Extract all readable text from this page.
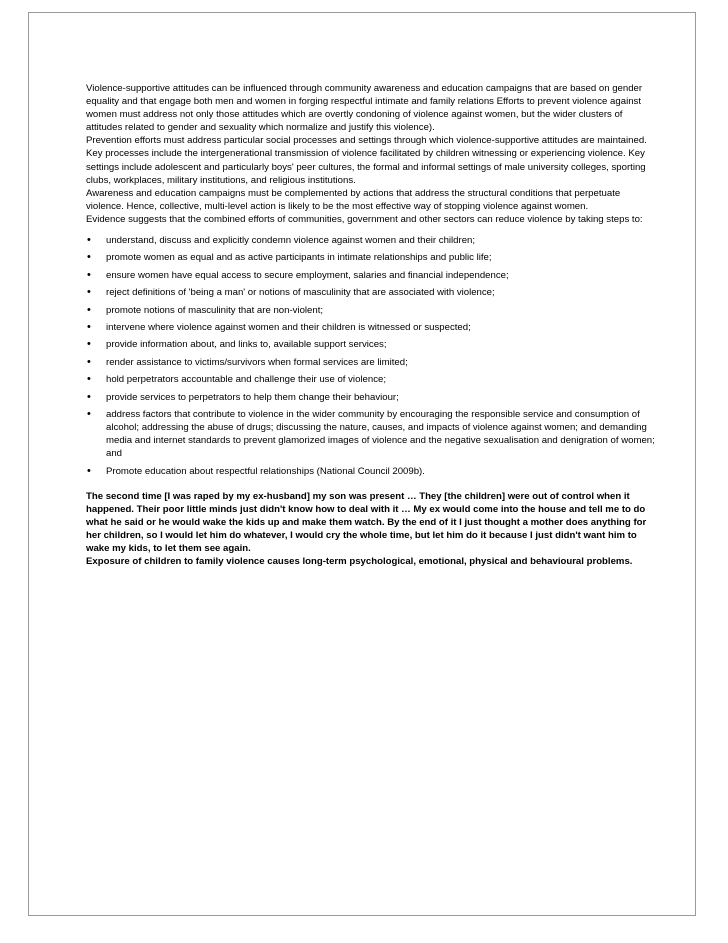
Violence-supportive attitudes can be influenced through community awareness and education campaigns that are based on gender equality and that engage both men and women in forging respectful intimate and family relations Efforts to prevent violence against women must address not only those attitudes which are overtly condoning of violence against women, but the wider clusters of attitudes related to gender and sexuality which normalize and justify this violence).

Prevention efforts must address particular social processes and settings through which violence-supportive attitudes are maintained. Key processes include the intergenerational transmission of violence facilitated by children witnessing or experiencing violence. Key settings include adolescent and particularly boys' peer cultures, the formal and informal settings of male university colleges, sporting clubs, workplaces, military institutions, and religious institutions.

Awareness and education campaigns must be complemented by actions that address the structural conditions that perpetuate violence. Hence, collective, multi-level action is likely to be the most effective way of stopping violence against women.

Evidence suggests that the combined efforts of communities, government and other sectors can reduce violence by taking steps to:

• understand, discuss and explicitly condemn violence against women and their children;
• promote women as equal and as active participants in intimate relationships and public life;
• ensure women have equal access to secure employment, salaries and financial independence;
• reject definitions of 'being a man' or notions of masculinity that are associated with violence;
• promote notions of masculinity that are non-violent;
• intervene where violence against women and their children is witnessed or suspected;
• provide information about, and links to, available support services;
• render assistance to victims/survivors when formal services are limited;
• hold perpetrators accountable and challenge their use of violence;
• provide services to perpetrators to help them change their behaviour;
• address factors that contribute to violence in the wider community by encouraging the responsible service and consumption of alcohol; addressing the abuse of drugs; discussing the nature, causes, and impacts of violence against women; and demanding media and internet standards to prevent glamorized images of violence and the negative sexualisation and denigration of women; and
• Promote education about respectful relationships (National Council 2009b).

The second time [I was raped by my ex-husband] my son was present … They [the children] were out of control when it happened. Their poor little minds just didn't know how to deal with it … My ex would come into the house and tell me to do what he said or he would wake the kids up and make them watch. By the end of it I just thought a mother does anything for her children, so I would let him do whatever, I would cry the whole time, but let him do it because I just didn't want him to wake my kids, to let them see again.

Exposure of children to family violence causes long-term psychological, emotional, physical and behavioural problems.
